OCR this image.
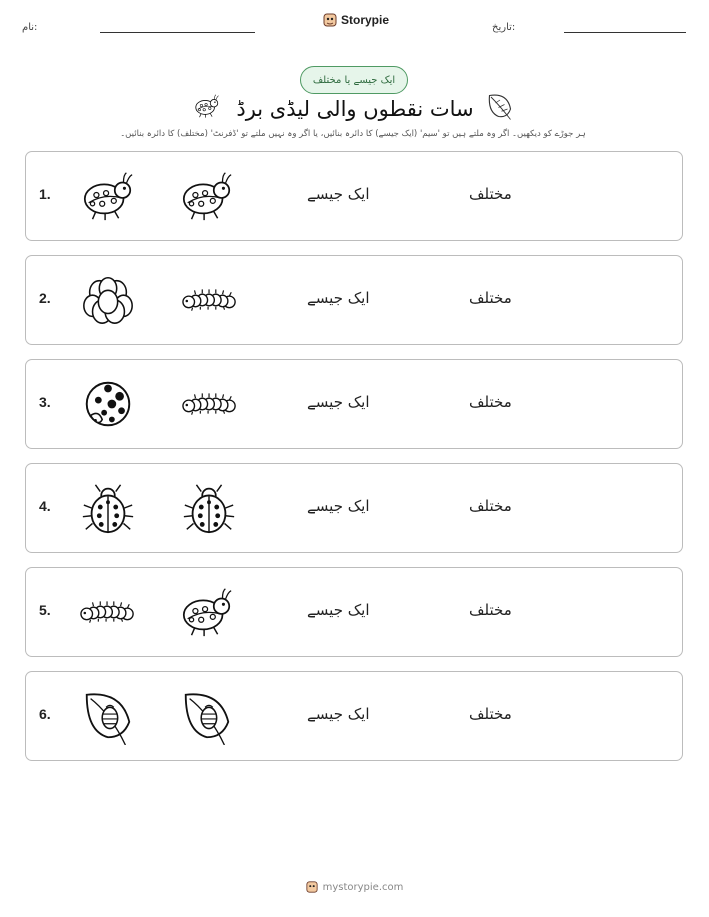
نام:
Storypie
تاریخ:
ایک جیسے یا مختلف
سات نقطوں والی لیڈی برڈ
ہر جوڑے کو دیکھیں۔ اگر وہ ملتے ہیں تو 'سیم' (ایک جیسے) کا دائرہ بنائیں، یا اگر وہ نہیں ملتے تو 'ڈفرنٹ' (مختلف) کا دائرہ بنائیں۔
1.	ایک جیسے	مختلف
2.	ایک جیسے	مختلف
3.	ایک جیسے	مختلف
4.	ایک جیسے	مختلف
5.	ایک جیسے	مختلف
6.	ایک جیسے	مختلف
mystorypie.com
